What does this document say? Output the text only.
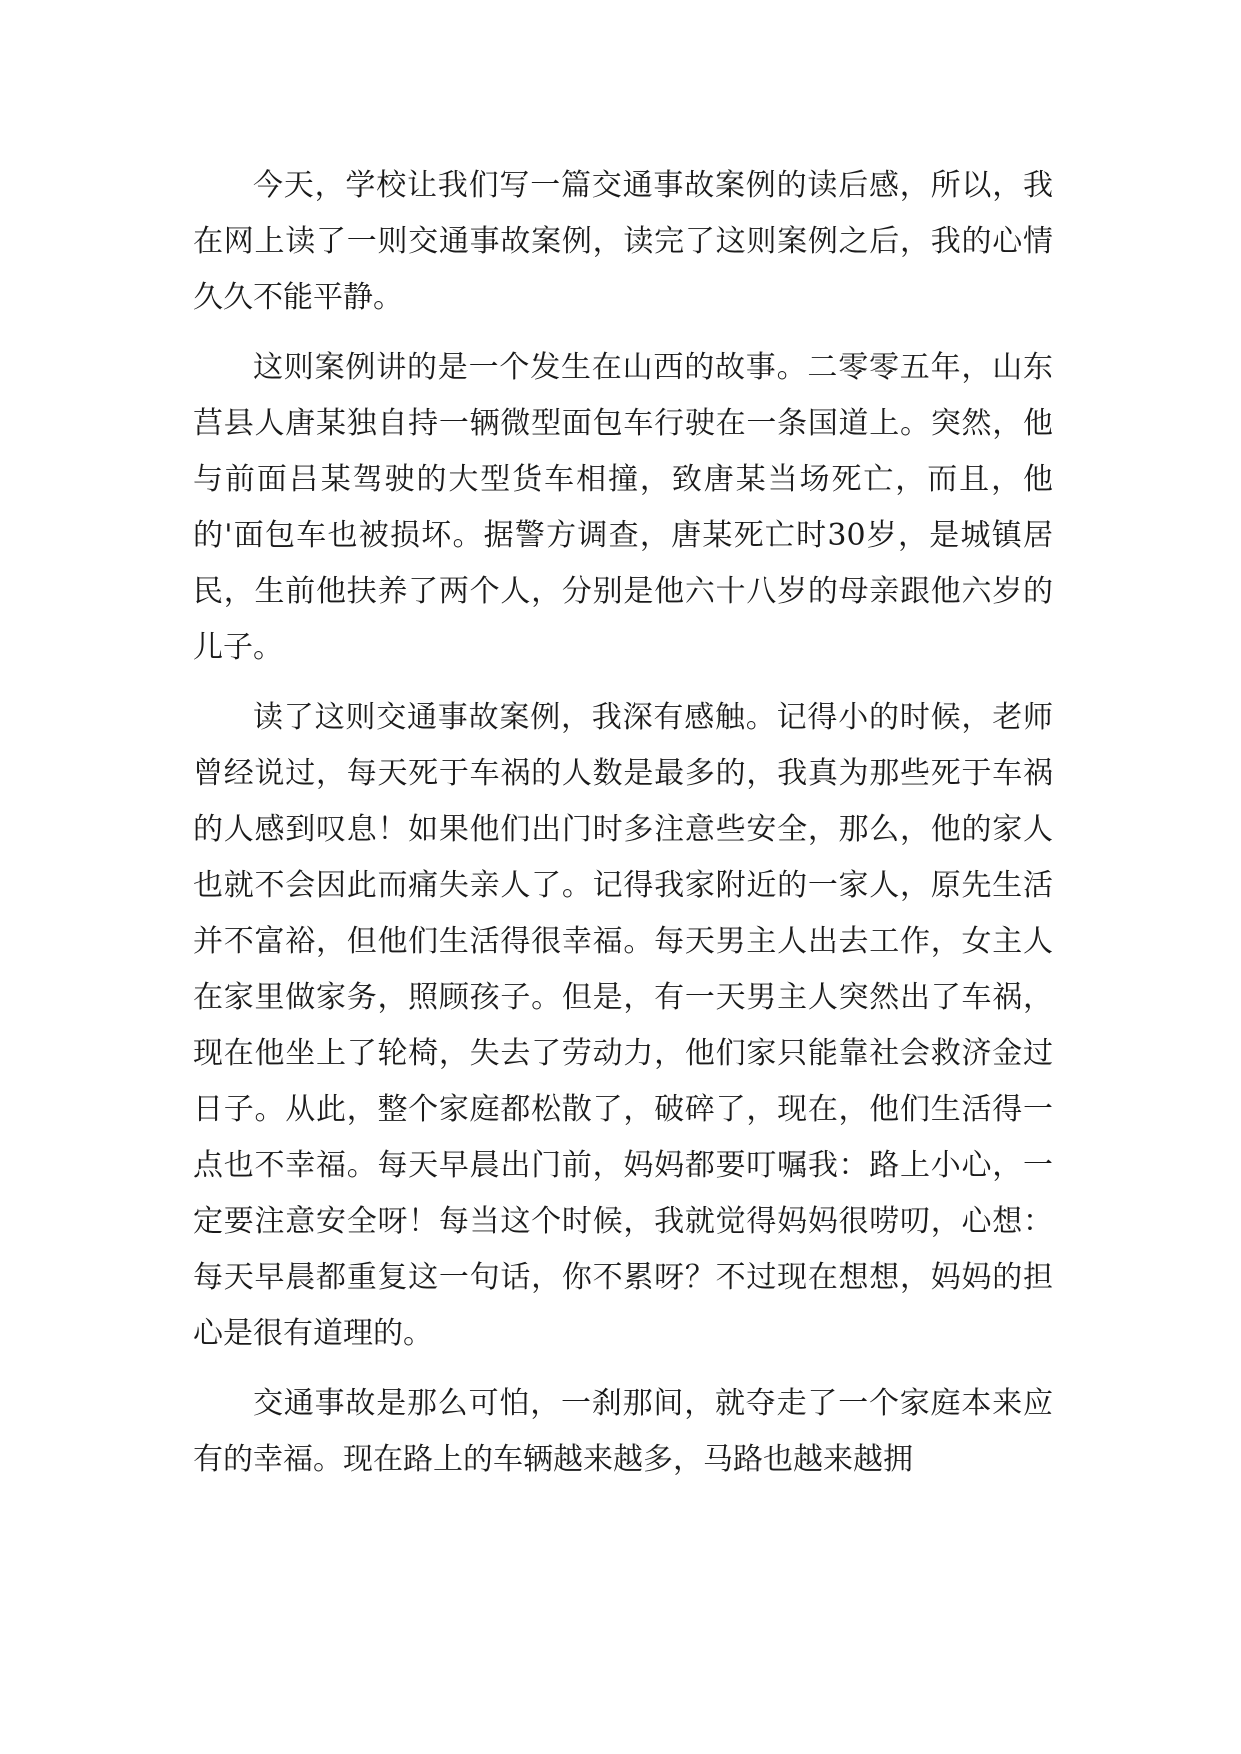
今天，学校让我们写一篇交通事故案例的读后感，所以，我在网上读了一则交通事故案例，读完了这则案例之后，我的心情久久不能平静。

这则案例讲的是一个发生在山西的故事。二零零五年，山东莒县人唐某独自持一辆微型面包车行驶在一条国道上。突然，他与前面吕某驾驶的大型货车相撞，致唐某当场死亡，而且，他的'面包车也被损坏。据警方调查，唐某死亡时30岁，是城镇居民，生前他扶养了两个人，分别是他六十八岁的母亲跟他六岁的儿子。

读了这则交通事故案例，我深有感触。记得小的时候，老师曾经说过，每天死于车祸的人数是最多的，我真为那些死于车祸的人感到叹息！如果他们出门时多注意些安全，那么，他的家人也就不会因此而痛失亲人了。记得我家附近的一家人，原先生活并不富裕，但他们生活得很幸福。每天男主人出去工作，女主人在家里做家务，照顾孩子。但是，有一天男主人突然出了车祸，现在他坐上了轮椅，失去了劳动力，他们家只能靠社会救济金过日子。从此，整个家庭都松散了，破碎了，现在，他们生活得一点也不幸福。每天早晨出门前，妈妈都要叮嘱我：路上小心，一定要注意安全呀！每当这个时候，我就觉得妈妈很唠叨，心想：每天早晨都重复这一句话，你不累呀？不过现在想想，妈妈的担心是很有道理的。

交通事故是那么可怕，一刹那间，就夺走了一个家庭本来应有的幸福。现在路上的车辆越来越多，马路也越来越拥
